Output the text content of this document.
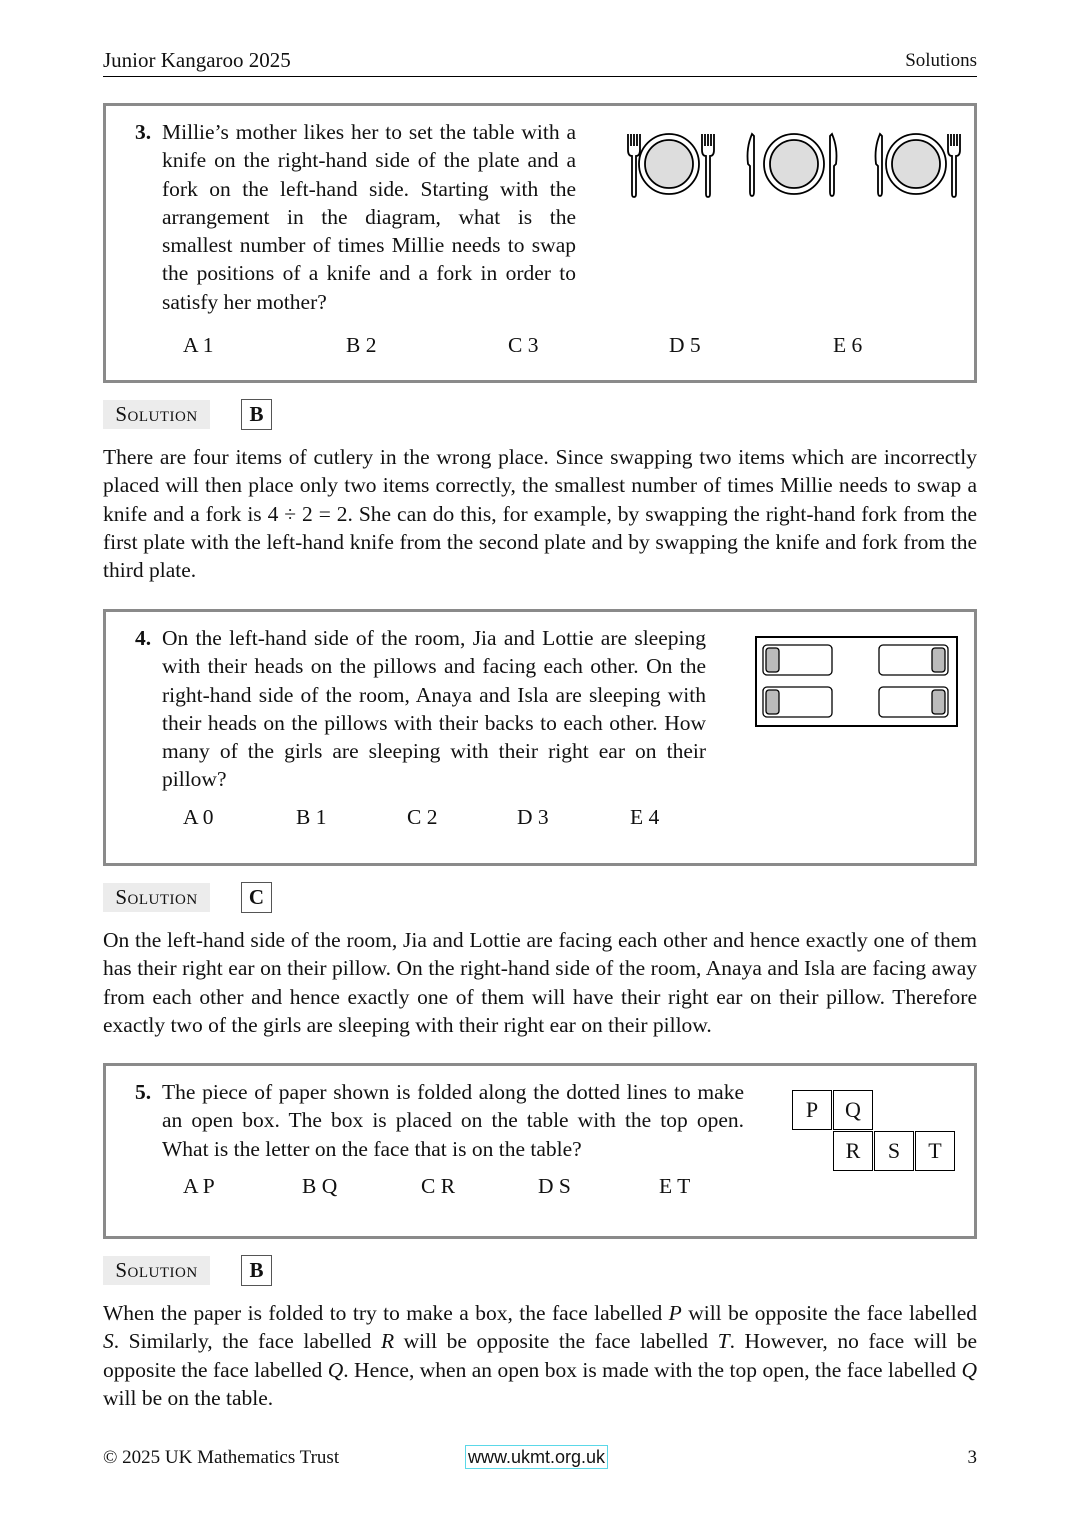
Junior Kangaroo 2025	Solutions
3. Millie’s mother likes her to set the table with a knife on the right-hand side of the plate and a fork on the left-hand side. Starting with the arrangement in the diagram, what is the smallest number of times Millie needs to swap the positions of a knife and a fork in order to satisfy her mother?
A 1	B 2	C 3	D 5	E 6
Solution	B
There are four items of cutlery in the wrong place. Since swapping two items which are incorrectly placed will then place only two items correctly, the smallest number of times Millie needs to swap a knife and a fork is 4 ÷ 2 = 2. She can do this, for example, by swapping the right-hand fork from the first plate with the left-hand knife from the second plate and by swapping the knife and fork from the third plate.
4. On the left-hand side of the room, Jia and Lottie are sleeping with their heads on the pillows and facing each other. On the right-hand side of the room, Anaya and Isla are sleeping with their heads on the pillows with their backs to each other. How many of the girls are sleeping with their right ear on their pillow?
A 0	B 1	C 2	D 3	E 4
Solution	C
On the left-hand side of the room, Jia and Lottie are facing each other and hence exactly one of them has their right ear on their pillow. On the right-hand side of the room, Anaya and Isla are facing away from each other and hence exactly one of them will have their right ear on their pillow. Therefore exactly two of the girls are sleeping with their right ear on their pillow.
5. The piece of paper shown is folded along the dotted lines to make an open box. The box is placed on the table with the top open. What is the letter on the face that is on the table?
P	Q
R	S	T
A P	B Q	C R	D S	E T
Solution	B
When the paper is folded to try to make a box, the face labelled P will be opposite the face labelled S. Similarly, the face labelled R will be opposite the face labelled T. However, no face will be opposite the face labelled Q. Hence, when an open box is made with the top open, the face labelled Q will be on the table.
© 2025 UK Mathematics Trust	www.ukmt.org.uk	3
